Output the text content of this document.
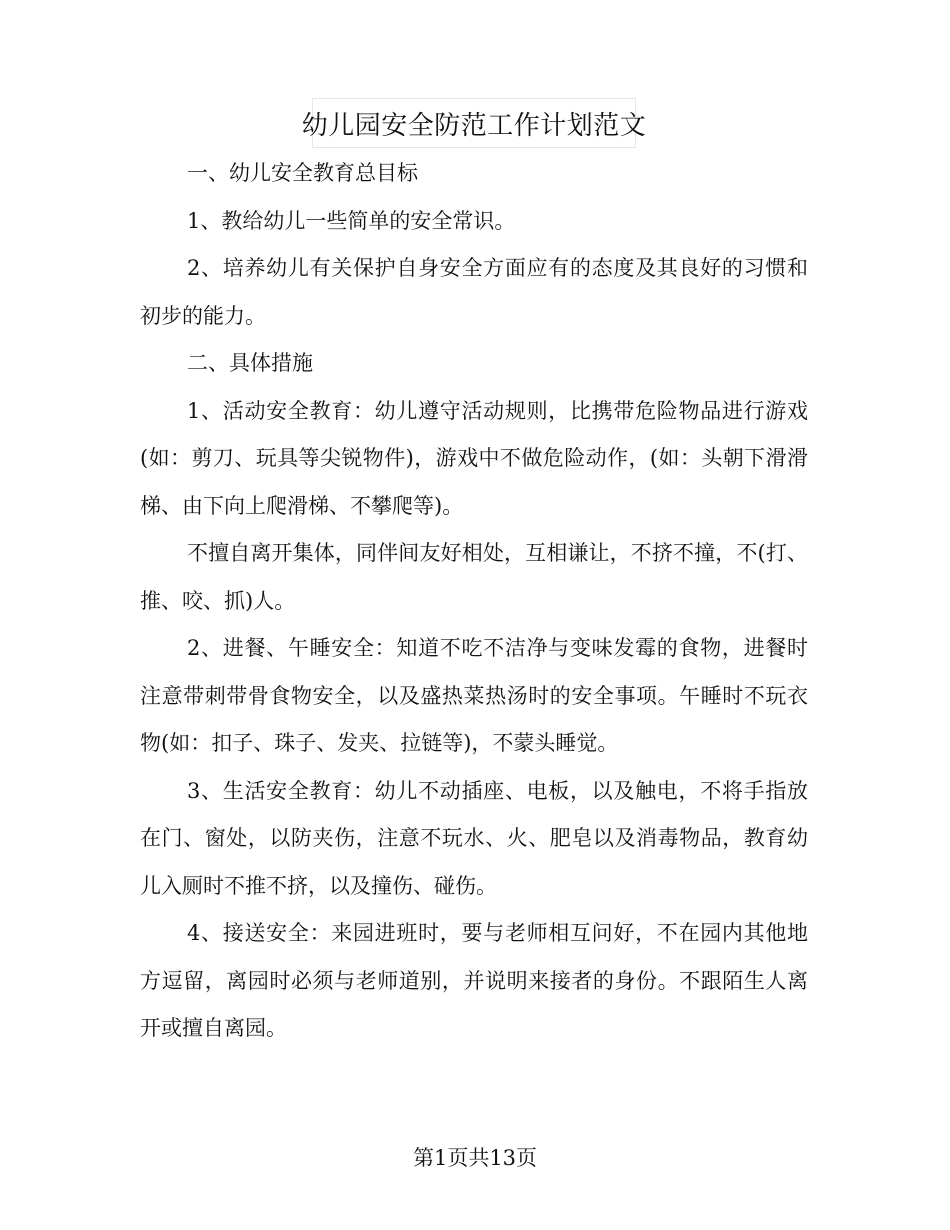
幼儿园安全防范工作计划范文

一、幼儿安全教育总目标

1、教给幼儿一些简单的安全常识。

2、培养幼儿有关保护自身安全方面应有的态度及其良好的习惯和初步的能力。

二、具体措施

1、活动安全教育：幼儿遵守活动规则，比携带危险物品进行游戏(如：剪刀、玩具等尖锐物件)，游戏中不做危险动作，(如：头朝下滑滑梯、由下向上爬滑梯、不攀爬等)。

不擅自离开集体，同伴间友好相处，互相谦让，不挤不撞，不(打、推、咬、抓)人。

2、进餐、午睡安全：知道不吃不洁净与变味发霉的食物，进餐时注意带刺带骨食物安全，以及盛热菜热汤时的安全事项。午睡时不玩衣物(如：扣子、珠子、发夹、拉链等)，不蒙头睡觉。

3、生活安全教育：幼儿不动插座、电板，以及触电，不将手指放在门、窗处，以防夹伤，注意不玩水、火、肥皂以及消毒物品，教育幼儿入厕时不推不挤，以及撞伤、碰伤。

4、接送安全：来园进班时，要与老师相互问好，不在园内其他地方逗留，离园时必须与老师道别，并说明来接者的身份。不跟陌生人离开或擅自离园。

第1页共13页
